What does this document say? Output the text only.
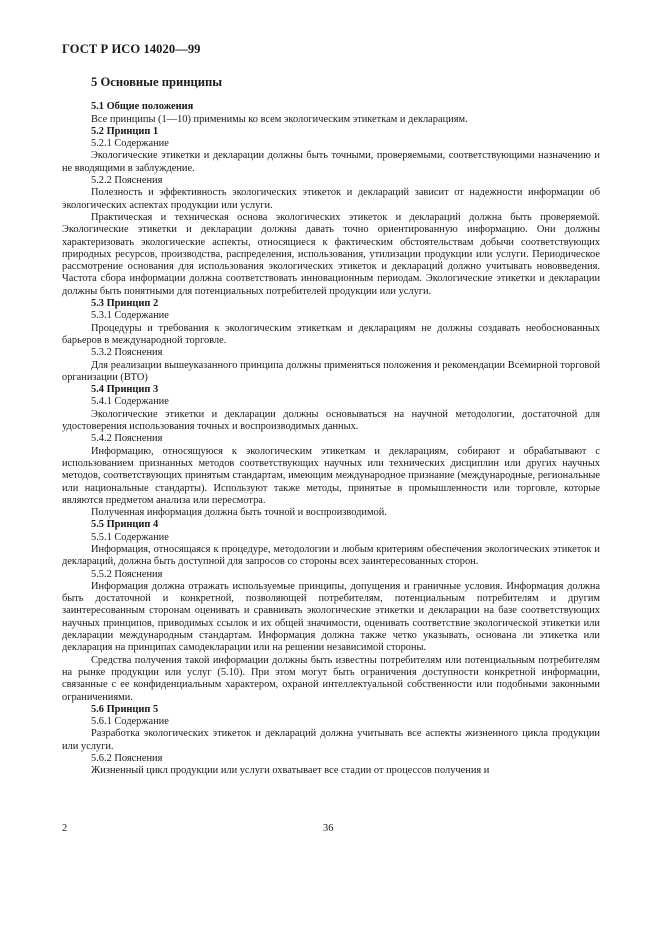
ГОСТ Р ИСО 14020—99
5 Основные принципы

5.1 Общие положения

Все принципы (1—10) применимы ко всем экологическим этикеткам и декларациям.

5.2 Принцип 1

5.2.1 Содержание

Экологические этикетки и декларации должны быть точными, проверяемыми, соответствующими назначению и не вводящими в заблуждение.

5.2.2 Пояснения

Полезность и эффективность экологических этикеток и деклараций зависит от надежности информации об экологических аспектах продукции или услуги.

Практическая и техническая основа экологических этикеток и деклараций должна быть проверяемой. Экологические этикетки и декларации должны давать точно ориентированную информацию. Они должны характеризовать экологические аспекты, относящиеся к фактическим обстоятельствам добычи соответствующих природных ресурсов, производства, распределения, использования, утилизации продукции или услуги. Периодическое рассмотрение основания для использования экологических этикеток и деклараций должно учитывать нововведения. Частота сбора информации должна соответствовать инновационным периодам. Экологические этикетки и декларации должны быть понятными для потенциальных потребителей продукции или услуги.

5.3 Принцип 2

5.3.1 Содержание

Процедуры и требования к экологическим этикеткам и декларациям не должны создавать необоснованных барьеров в международной торговле.

5.3.2 Пояснения

Для реализации вышеуказанного принципа должны применяться положения и рекомендации Всемирной торговой организации (ВТО)

5.4 Принцип 3

5.4.1 Содержание

Экологические этикетки и декларации должны основываться на научной методологии, достаточной для удостоверения использования точных и воспроизводимых данных.

5.4.2 Пояснения

Информацию, относящуюся к экологическим этикеткам и декларациям, собирают и обрабатывают с использованием признанных методов соответствующих научных или технических дисциплин или других научных методов, соответствующих принятым стандартам, имеющим международное признание (международные, региональные или национальные стандарты). Используют также методы, принятые в промышленности или торговле, которые являются предметом анализа или пересмотра.

Полученная информация должна быть точной и воспроизводимой.

5.5 Принцип 4

5.5.1 Содержание

Информация, относящаяся к процедуре, методологии и любым критериям обеспечения экологических этикеток и деклараций, должна быть доступной для запросов со стороны всех заинтересованных сторон.

5.5.2 Пояснения

Информация должна отражать используемые принципы, допущения и граничные условия. Информация должна быть достаточной и конкретной, позволяющей потребителям, потенциальным потребителям и другим заинтересованным сторонам оценивать и сравнивать экологические этикетки и декларации на базе соответствующих научных принципов, приводимых ссылок и их общей значимости, оценивать соответствие экологической этикетки или декларации международным стандартам. Информация должна также четко указывать, основана ли этикетка или декларация на принципах самодекларации или на решении независимой стороны.

Средства получения такой информации должны быть известны потребителям или потенциальным потребителям на рынке продукции или услуг (5.10). При этом могут быть ограничения доступности конкретной информации, связанные с ее конфиденциальным характером, охраной интеллектуальной собственности или подобными законными ограничениями.

5.6 Принцип 5

5.6.1 Содержание

Разработка экологических этикеток и деклараций должна учитывать все аспекты жизненного цикла продукции или услуги.

5.6.2 Пояснения

Жизненный цикл продукции или услуги охватывает все стадии от процессов получения и

2	36
